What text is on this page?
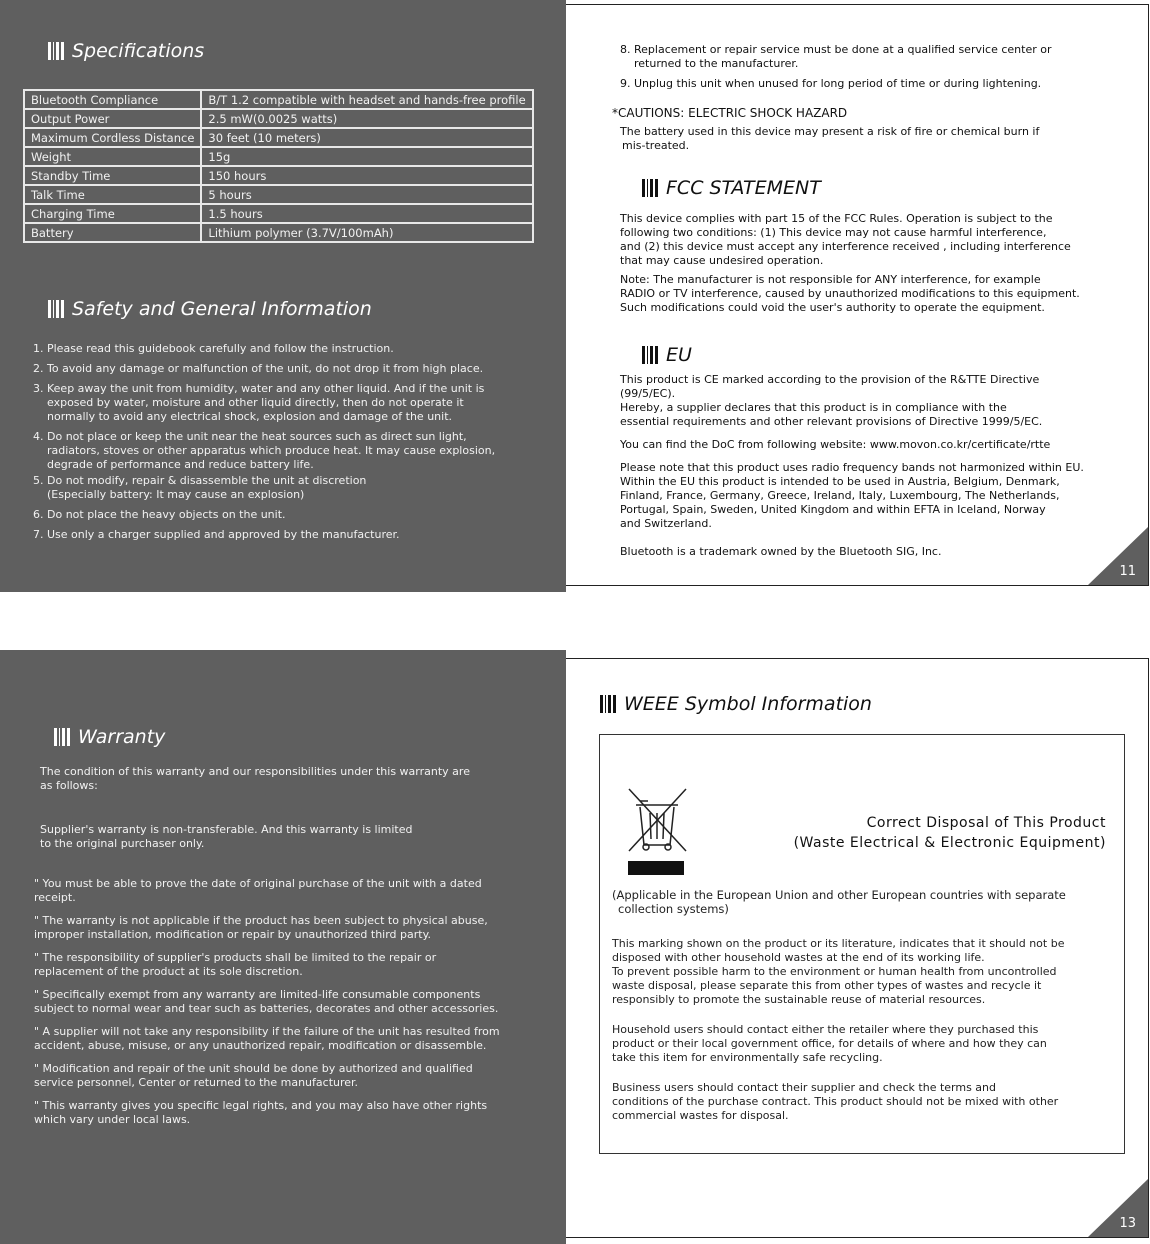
Specifications
Bluetooth Compliance	B/T 1.2 compatible with headset and hands-free profile
Output Power	2.5 mW(0.0025 watts)
Maximum Cordless Distance	30 feet (10 meters)
Weight	15g
Standby Time	150 hours
Talk Time	5 hours
Charging Time	1.5 hours
Battery	Lithium polymer (3.7V/100mAh)
Safety and General Information
1. Please read this guidebook carefully and follow the instruction.
2. To avoid any damage or malfunction of the unit, do not drop it from high place.
3. Keep away the unit from humidity, water and any other liquid. And if the unit is
exposed by water, moisture and other liquid directly, then do not operate it
normally to avoid any electrical shock, explosion and damage of the unit.
4. Do not place or keep the unit near the heat sources such as direct sun light,
radiators, stoves or other apparatus which produce heat. It may cause explosion,
degrade of performance and reduce battery life.
5. Do not modify, repair & disassemble the unit at discretion
(Especially battery: It may cause an explosion)
6. Do not place the heavy objects on the unit.
7. Use only a charger supplied and approved by the manufacturer.
8. Replacement or repair service must be done at a qualified service center or
returned to the manufacturer.
9. Unplug this unit when unused for long period of time or during lightening.
*CAUTIONS: ELECTRIC SHOCK HAZARD
The battery used in this device may present a risk of fire or chemical burn if
mis-treated.
FCC STATEMENT
This device complies with part 15 of the FCC Rules. Operation is subject to the
following two conditions: (1) This device may not cause harmful interference,
and (2) this device must accept any interference received , including interference
that may cause undesired operation.
Note: The manufacturer is not responsible for ANY interference, for example
RADIO or TV interference, caused by unauthorized modifications to this equipment.
Such modifications could void the user's authority to operate the equipment.
EU
This product is CE marked according to the provision of the R&TTE Directive
(99/5/EC).
Hereby, a supplier declares that this product is in compliance with the
essential requirements and other relevant provisions of Directive 1999/5/EC.
You can find the DoC from following website: www.movon.co.kr/certificate/rtte
Please note that this product uses radio frequency bands not harmonized within EU.
Within the EU this product is intended to be used in Austria, Belgium, Denmark,
Finland, France, Germany, Greece, Ireland, Italy, Luxembourg, The Netherlands,
Portugal, Spain, Sweden, United Kingdom and within EFTA in Iceland, Norway
and Switzerland.
Bluetooth is a trademark owned by the Bluetooth SIG, Inc.
11
Warranty
The condition of this warranty and our responsibilities under this warranty are
as follows:
Supplier's warranty is non-transferable. And this warranty is limited
to the original purchaser only.
" You must be able to prove the date of original purchase of the unit with a dated
receipt.
" The warranty is not applicable if the product has been subject to physical abuse,
improper installation, modification or repair by unauthorized third party.
" The responsibility of supplier's products shall be limited to the repair or
replacement of the product at its sole discretion.
" Specifically exempt from any warranty are limited-life consumable components
subject to normal wear and tear such as batteries, decorates and other accessories.
" A supplier will not take any responsibility if the failure of the unit has resulted from
accident, abuse, misuse, or any unauthorized repair, modification or disassemble.
" Modification and repair of the unit should be done by authorized and qualified
service personnel, Center or returned to the manufacturer.
" This warranty gives you specific legal rights, and you may also have other rights
which vary under local laws.
WEEE Symbol Information
Correct Disposal of This Product
(Waste Electrical & Electronic Equipment)
(Applicable in the European Union and other European countries with separate
collection systems)
This marking shown on the product or its literature, indicates that it should not be
disposed with other household wastes at the end of its working life.
To prevent possible harm to the environment or human health from uncontrolled
waste disposal, please separate this from other types of wastes and recycle it
responsibly to promote the sustainable reuse of material resources.
Household users should contact either the retailer where they purchased this
product or their local government office, for details of where and how they can
take this item for environmentally safe recycling.
Business users should contact their supplier and check the terms and
conditions of the purchase contract. This product should not be mixed with other
commercial wastes for disposal.
13
